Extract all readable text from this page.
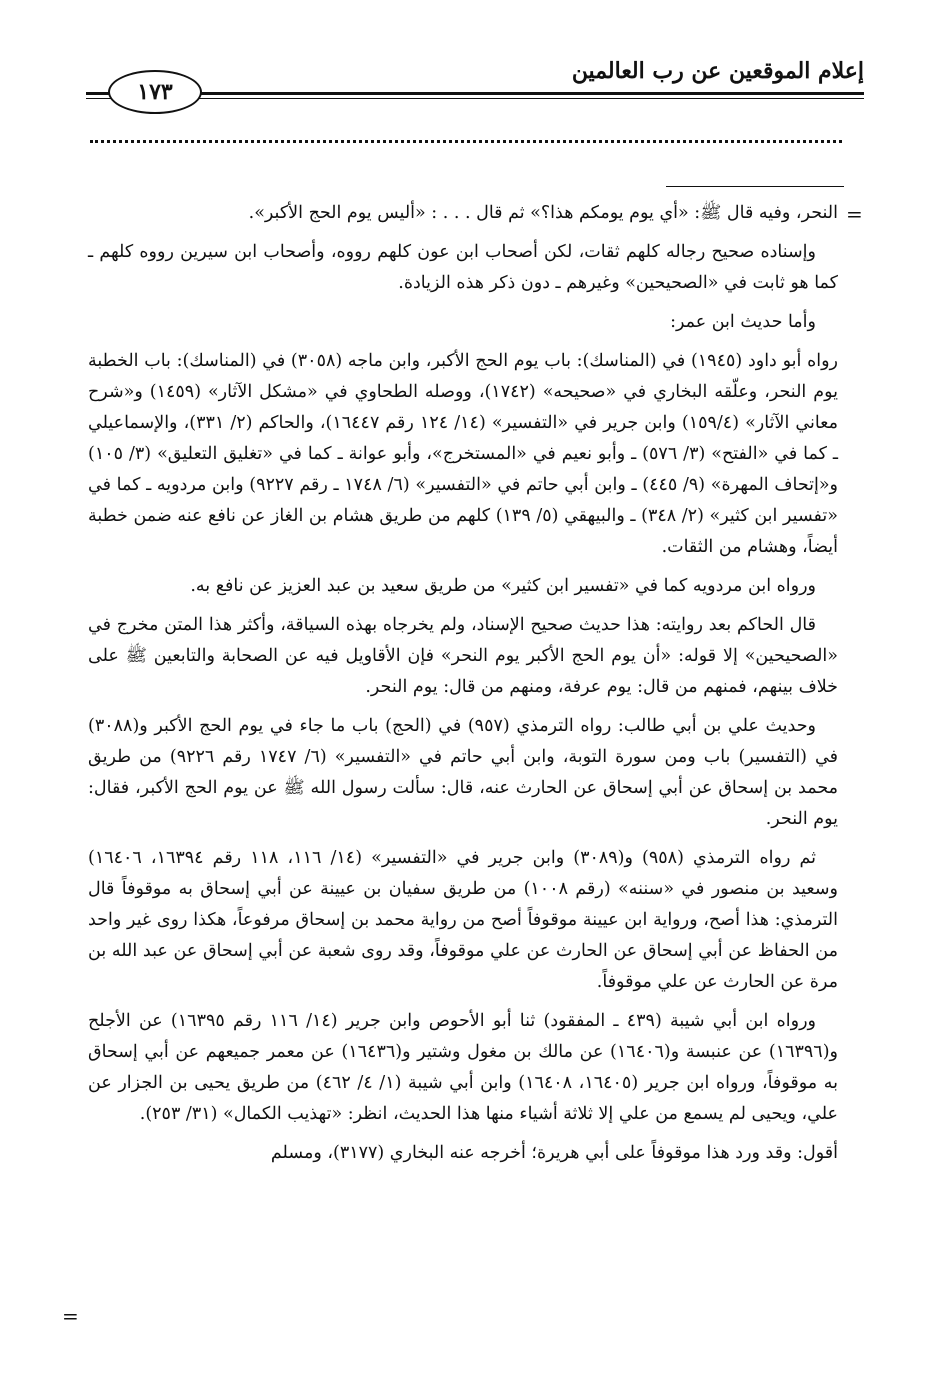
إعلام الموقعين عن رب العالمين
١٧٣
=
=

النحر، وفيه قال ﷺ: «أي يوم يومكم هذا؟» ثم قال . . . : «أليس يوم الحج الأكبر».

وإسناده صحيح رجاله كلهم ثقات، لكن أصحاب ابن عون كلهم رووه، وأصحاب ابن سيرين رووه كلهم ـ كما هو ثابت في «الصحيحين» وغيرهم ـ دون ذكر هذه الزيادة.

وأما حديث ابن عمر:

رواه أبو داود (١٩٤٥) في (المناسك): باب يوم الحج الأكبر، وابن ماجه (٣٠٥٨) في (المناسك): باب الخطبة يوم النحر، وعلّقه البخاري في «صحيحه» (١٧٤٢)، ووصله الطحاوي في «مشكل الآثار» (١٤٥٩) و«شرح معاني الآثار» (١٥٩/٤) وابن جرير في «التفسير» (١٤/ ١٢٤ رقم ١٦٤٤٧)، والحاكم (٢/ ٣٣١)، والإسماعيلي ـ كما في «الفتح» (٣/ ٥٧٦) ـ وأبو نعيم في «المستخرج»، وأبو عوانة ـ كما في «تغليق التعليق» (٣/ ١٠٥) و«إتحاف المهرة» (٩/ ٤٤٥) ـ وابن أبي حاتم في «التفسير» (٦/ ١٧٤٨ ـ رقم ٩٢٢٧) وابن مردويه ـ كما في «تفسير ابن كثير» (٢/ ٣٤٨) ـ والبيهقي (٥/ ١٣٩) كلهم من طريق هشام بن الغاز عن نافع عنه ضمن خطبة أيضاً، وهشام من الثقات.

ورواه ابن مردويه كما في «تفسير ابن كثير» من طريق سعيد بن عبد العزيز عن نافع به.

قال الحاكم بعد روايته: هذا حديث صحيح الإسناد، ولم يخرجاه بهذه السياقة، وأكثر هذا المتن مخرج في «الصحيحين» إلا قوله: «أن يوم الحج الأكبر يوم النحر» فإن الأقاويل فيه عن الصحابة والتابعين ﷺ على خلاف بينهم، فمنهم من قال: يوم عرفة، ومنهم من قال: يوم النحر.

وحديث علي بن أبي طالب: رواه الترمذي (٩٥٧) في (الحج) باب ما جاء في يوم الحج الأكبر و(٣٠٨٨) في (التفسير) باب ومن سورة التوبة، وابن أبي حاتم في «التفسير» (٦/ ١٧٤٧ رقم ٩٢٢٦) من طريق محمد بن إسحاق عن أبي إسحاق عن الحارث عنه، قال: سألت رسول الله ﷺ عن يوم الحج الأكبر، فقال: يوم النحر.

ثم رواه الترمذي (٩٥٨) و(٣٠٨٩) وابن جرير في «التفسير» (١٤/ ١١٦، ١١٨ رقم ١٦٣٩٤، ١٦٤٠٦) وسعيد بن منصور في «سننه» (رقم ١٠٠٨) من طريق سفيان بن عيينة عن أبي إسحاق به موقوفاً قال الترمذي: هذا أصح، ورواية ابن عيينة موقوفاً أصح من رواية محمد بن إسحاق مرفوعاً، هكذا روى غير واحد من الحفاظ عن أبي إسحاق عن الحارث عن علي موقوفاً، وقد روى شعبة عن أبي إسحاق عن عبد الله بن مرة عن الحارث عن علي موقوفاً.

ورواه ابن أبي شيبة (٤٣٩ ـ المفقود) ثنا أبو الأحوص وابن جرير (١٤/ ١١٦ رقم ١٦٣٩٥) عن الأجلح و(١٦٣٩٦) عن عنبسة و(١٦٤٠٦) عن مالك بن مغول وشتير و(١٦٤٣٦) عن معمر جميعهم عن أبي إسحاق به موقوفاً، ورواه ابن جرير (١٦٤٠٥، ١٦٤٠٨) وابن أبي شيبة (١/ ٤/ ٤٦٢) من طريق يحيى بن الجزار عن علي، ويحيى لم يسمع من علي إلا ثلاثة أشياء منها هذا الحديث، انظر: «تهذيب الكمال» (٣١/ ٢٥٣).

أقول: وقد ورد هذا موقوفاً على أبي هريرة؛ أخرجه عنه البخاري (٣١٧٧)، ومسلم
